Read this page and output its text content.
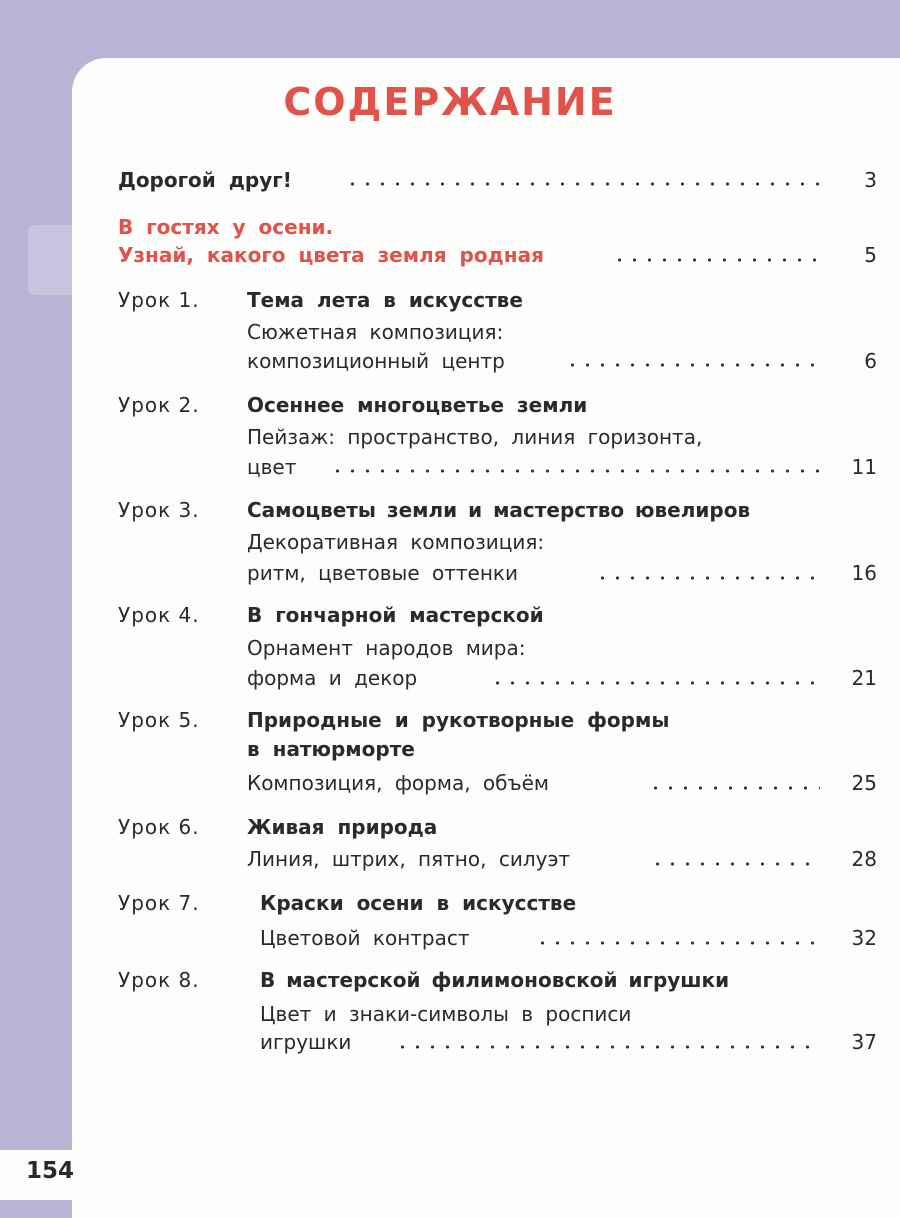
СОДЕРЖАНИЕ
Дорогой друг!	3
В гостях у осени.
Узнай, какого цвета земля родная	5
Урок 1. Тема лета в искусстве
Сюжетная композиция:
композиционный центр	6
Урок 2. Осеннее многоцветье земли
Пейзаж: пространство, линия горизонта,
цвет	11
Урок 3. Самоцветы земли и мастерство ювелиров
Декоративная композиция:
ритм, цветовые оттенки	16
Урок 4. В гончарной мастерской
Орнамент народов мира:
форма и декор	21
Урок 5. Природные и рукотворные формы
в натюрморте
Композиция, форма, объём	25
Урок 6. Живая природа
Линия, штрих, пятно, силуэт	28
Урок 7.	Краски осени в искусстве
Цветовой контраст	32
Урок 8.	В мастерской филимоновской игрушки
Цвет и знаки-символы в росписи
игрушки	37
154
